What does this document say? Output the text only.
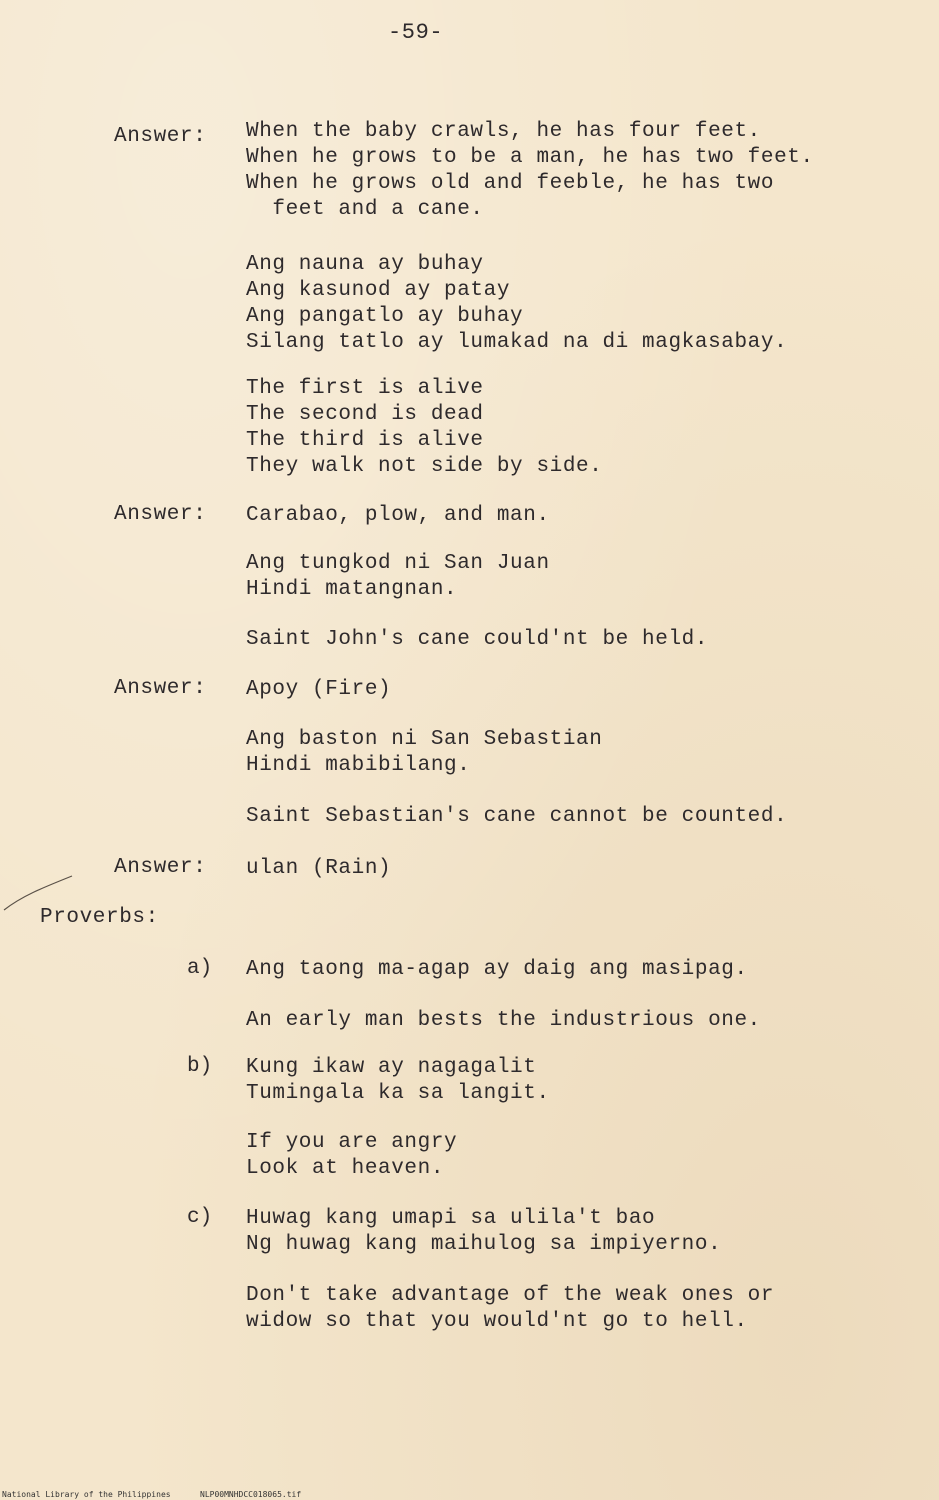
-59-
Answer: When the baby crawls, he has four feet.
When he grows to be a man, he has two feet.
When he grows old and feeble, he has two
feet and a cane.
Ang nauna ay buhay
Ang kasunod ay patay
Ang pangatlo ay buhay
Silang tatlo ay lumakad na di magkasabay.
The first is alive
The second is dead
The third is alive
They walk not side by side.
Answer: Carabao, plow, and man.
Ang tungkod ni San Juan
Hindi matangnan.
Saint John's cane could'nt be held.
Answer: Apoy (Fire)
Ang baston ni San Sebastian
Hindi mabibilang.
Saint Sebastian's cane cannot be counted.
Answer: ulan (Rain)
Proverbs:
a) Ang taong ma-agap ay daig ang masipag.
An early man bests the industrious one.
b) Kung ikaw ay nagagalit
Tumingala ka sa langit.
If you are angry
Look at heaven.
c) Huwag kang umapi sa ulila't bao
Ng huwag kang maihulog sa impiyerno.
Don't take advantage of the weak ones or
widow so that you would'nt go to hell.
National Library of the Philippines	NLP00MNHDCC018065.tif
